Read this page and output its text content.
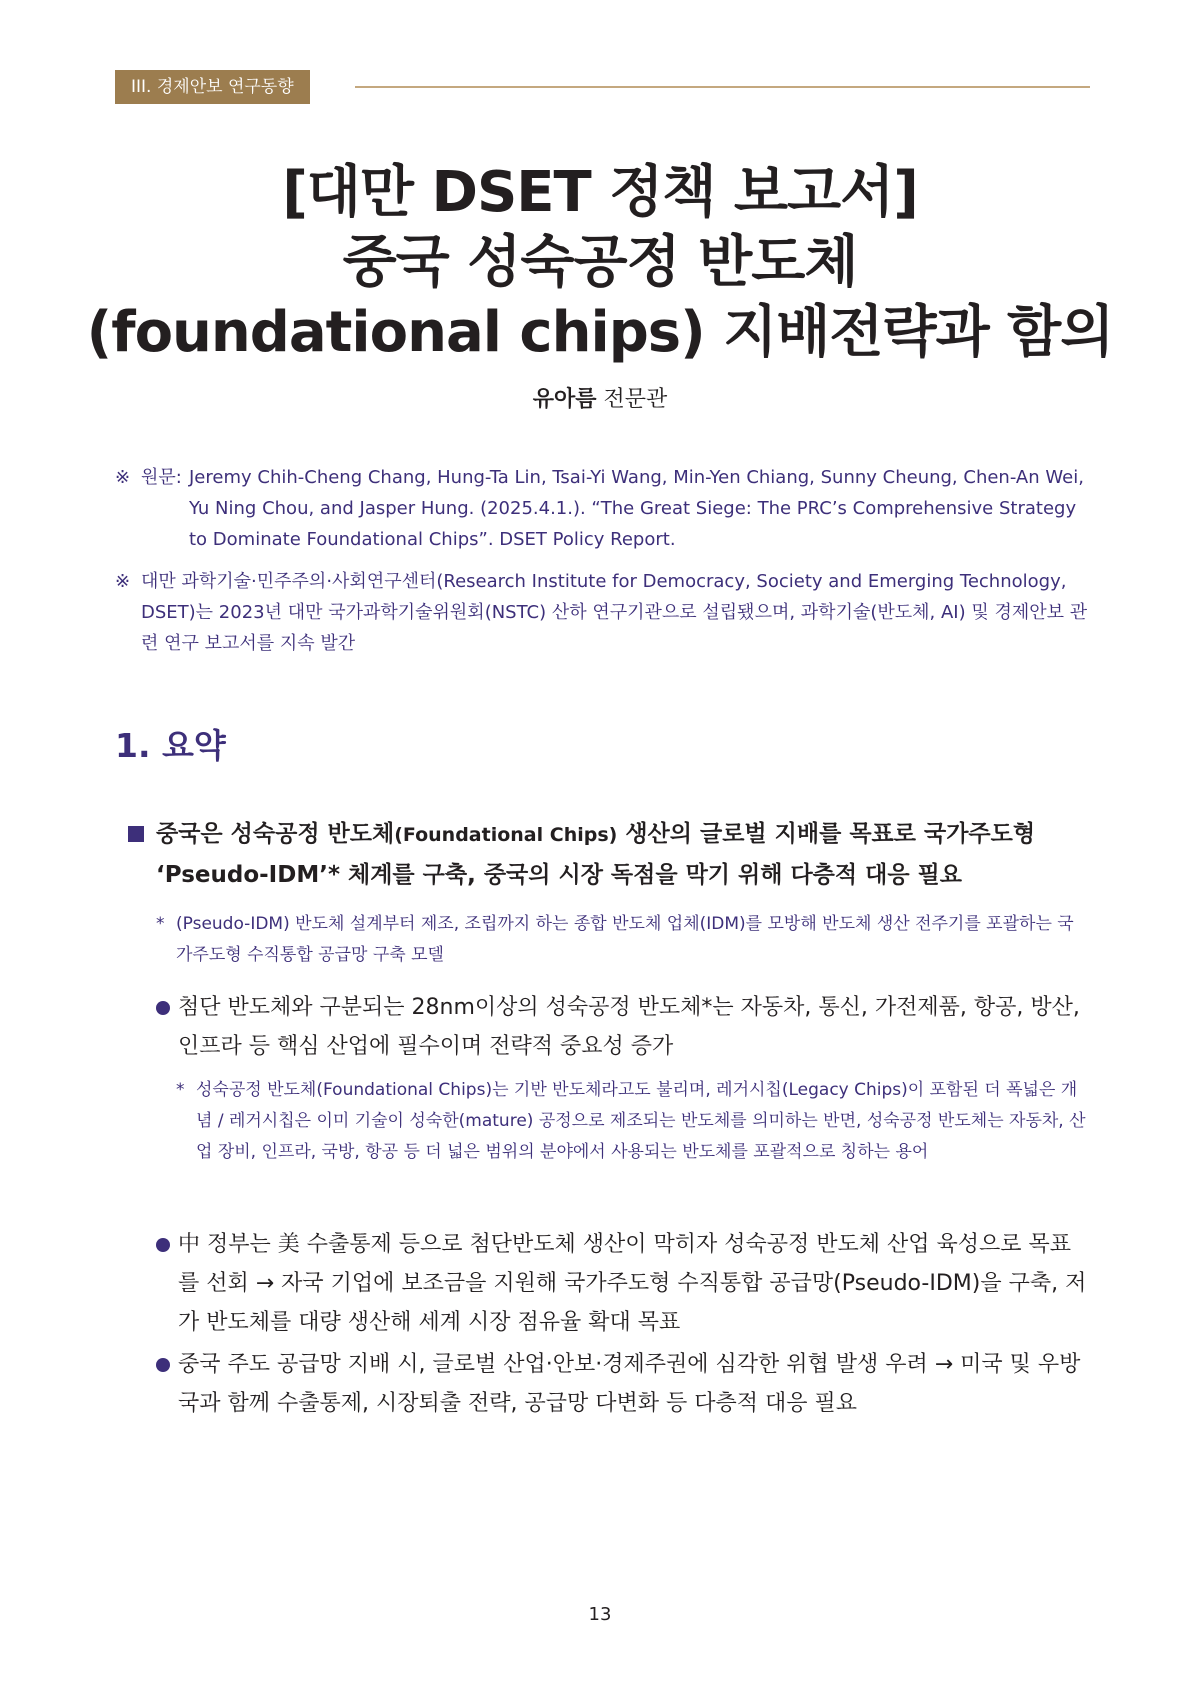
III. 경제안보 연구동향
[대만 DSET 정책 보고서]
중국 성숙공정 반도체
(foundational chips) 지배전략과 함의
유아름 전문관
※ 원문: Jeremy Chih-Cheng Chang, Hung-Ta Lin, Tsai-Yi Wang, Min-Yen Chiang, Sunny Cheung, Chen-An Wei, Yu Ning Chou, and Jasper Hung. (2025.4.1.). “The Great Siege: The PRC’s Comprehensive Strategy to Dominate Foundational Chips”. DSET Policy Report.
※ 대만 과학기술·민주주의·사회연구센터(Research Institute for Democracy, Society and Emerging Technology, DSET)는 2023년 대만 국가과학기술위원회(NSTC) 산하 연구기관으로 설립됐으며, 과학기술(반도체, AI) 및 경제안보 관련 연구 보고서를 지속 발간
1. 요약
중국은 성숙공정 반도체(Foundational Chips) 생산의 글로벌 지배를 목표로 국가주도형 ‘Pseudo-IDM’* 체계를 구축, 중국의 시장 독점을 막기 위해 다층적 대응 필요
* (Pseudo-IDM) 반도체 설계부터 제조, 조립까지 하는 종합 반도체 업체(IDM)를 모방해 반도체 생산 전주기를 포괄하는 국가주도형 수직통합 공급망 구축 모델
첨단 반도체와 구분되는 28nm이상의 성숙공정 반도체*는 자동차, 통신, 가전제품, 항공, 방산, 인프라 등 핵심 산업에 필수이며 전략적 중요성 증가
* 성숙공정 반도체(Foundational Chips)는 기반 반도체라고도 불리며, 레거시칩(Legacy Chips)이 포함된 더 폭넓은 개념 / 레거시칩은 이미 기술이 성숙한(mature) 공정으로 제조되는 반도체를 의미하는 반면, 성숙공정 반도체는 자동차, 산업 장비, 인프라, 국방, 항공 등 더 넓은 범위의 분야에서 사용되는 반도체를 포괄적으로 칭하는 용어
中 정부는 美 수출통제 등으로 첨단반도체 생산이 막히자 성숙공정 반도체 산업 육성으로 목표를 선회 → 자국 기업에 보조금을 지원해 국가주도형 수직통합 공급망(Pseudo-IDM)을 구축, 저가 반도체를 대량 생산해 세계 시장 점유율 확대 목표
중국 주도 공급망 지배 시, 글로벌 산업·안보·경제주권에 심각한 위협 발생 우려 → 미국 및 우방국과 함께 수출통제, 시장퇴출 전략, 공급망 다변화 등 다층적 대응 필요
13
